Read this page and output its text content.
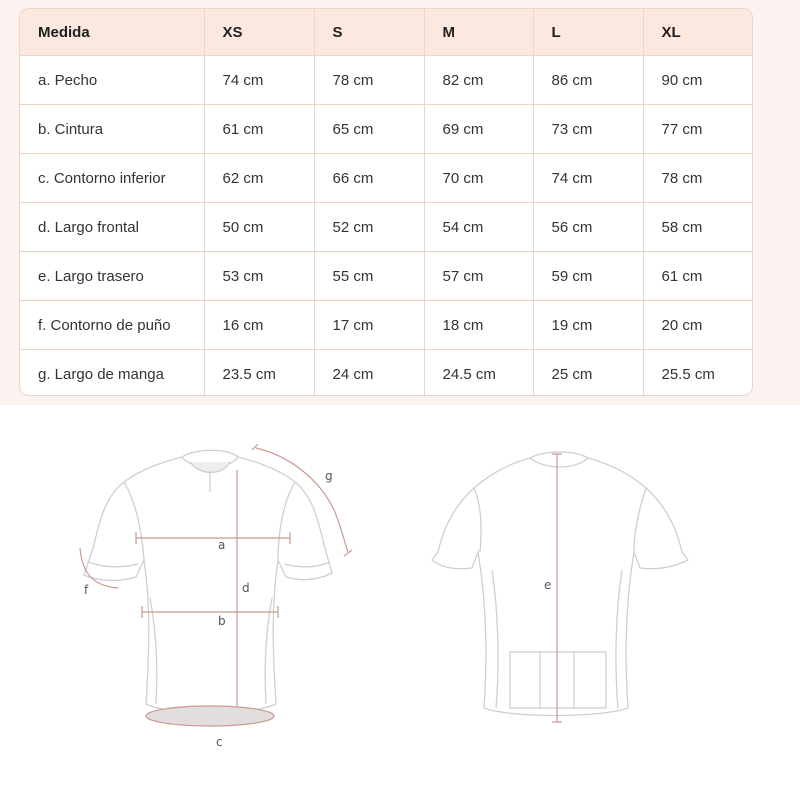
Medida	XS	S	M	L	XL
a. Pecho	74 cm	78 cm	82 cm	86 cm	90 cm
b. Cintura	61 cm	65 cm	69 cm	73 cm	77 cm
c. Contorno inferior	62 cm	66 cm	70 cm	74 cm	78 cm
d. Largo frontal	50 cm	52 cm	54 cm	56 cm	58 cm
e. Largo trasero	53 cm	55 cm	57 cm	59 cm	61 cm
f. Contorno de puño	16 cm	17 cm	18 cm	19 cm	20 cm
g. Largo de manga	23.5 cm	24 cm	24.5 cm	25 cm	25.5 cm
a
b
c
d
f
g
e
